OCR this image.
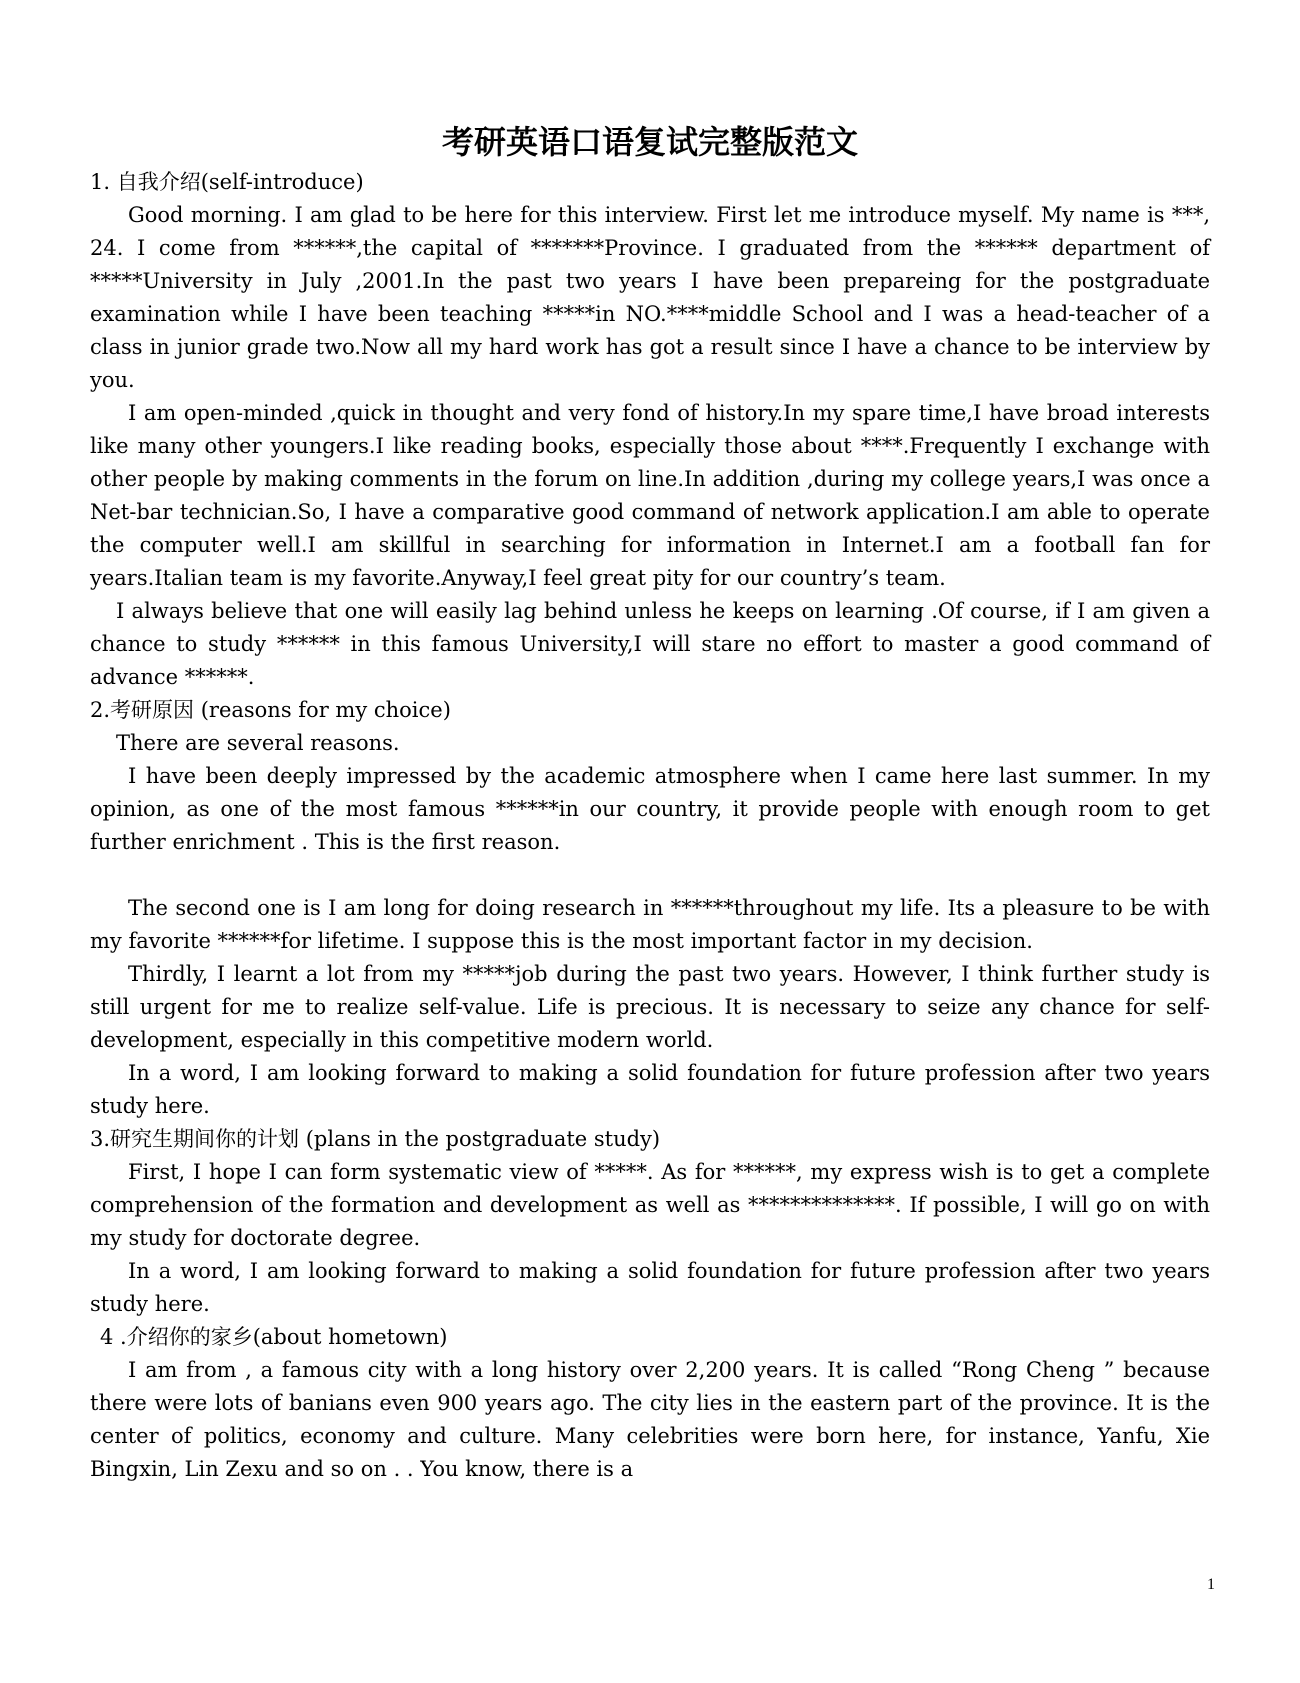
考研英语口语复试完整版范文

1. 自我介绍(self-introduce)

Good morning. I am glad to be here for this interview. First let me introduce myself. My name is ***, 24. I come from ******,the capital of *******Province. I graduated from the ****** department of *****University in July ,2001.In the past two years I have been prepareing for the postgraduate examination while I have been teaching *****in NO.****middle School and I was a head-teacher of a class in junior grade two.Now all my hard work has got a result since I have a chance to be interview by you.

I am open-minded ,quick in thought and very fond of history.In my spare time,I have broad interests like many other youngers.I like reading books, especially those about ****.Frequently I exchange with other people by making comments in the forum on line.In addition ,during my college years,I was once a Net-bar technician.So, I have a comparative good command of network application.I am able to operate the computer well.I am skillful in searching for information in Internet.I am a football fan for years.Italian team is my favorite.Anyway,I feel great pity for our country’s team.

I always believe that one will easily lag behind unless he keeps on learning .Of course, if I am given a chance to study ****** in this famous University,I will stare no effort to master a good command of advance ******.

2.考研原因 (reasons for my choice)

There are several reasons.

I have been deeply impressed by the academic atmosphere when I came here last summer. In my opinion, as one of the most famous ******in our country, it provide people with enough room to get further enrichment . This is the first reason.

The second one is I am long for doing research in ******throughout my life. Its a pleasure to be with my favorite ******for lifetime. I suppose this is the most important factor in my decision.

Thirdly, I learnt a lot from my *****job during the past two years. However, I think further study is still urgent for me to realize self-value. Life is precious. It is necessary to seize any chance for self-development, especially in this competitive modern world.

In a word, I am looking forward to making a solid foundation for future profession after two years study here.

3.研究生期间你的计划 (plans in the postgraduate study)

First, I hope I can form systematic view of *****. As for ******, my express wish is to get a complete comprehension of the formation and development as well as **************. If possible, I will go on with my study for doctorate degree.

In a word, I am looking forward to making a solid foundation for future profession after two years study here.

4 .介绍你的家乡(about hometown)

I am from , a famous city with a long history over 2,200 years. It is called “Rong Cheng ” because there were lots of banians even 900 years ago. The city lies in the eastern part of the province. It is the center of politics, economy and culture. Many celebrities were born here, for instance, Yanfu, Xie Bingxin, Lin Zexu and so on . . You know, there is a

1
